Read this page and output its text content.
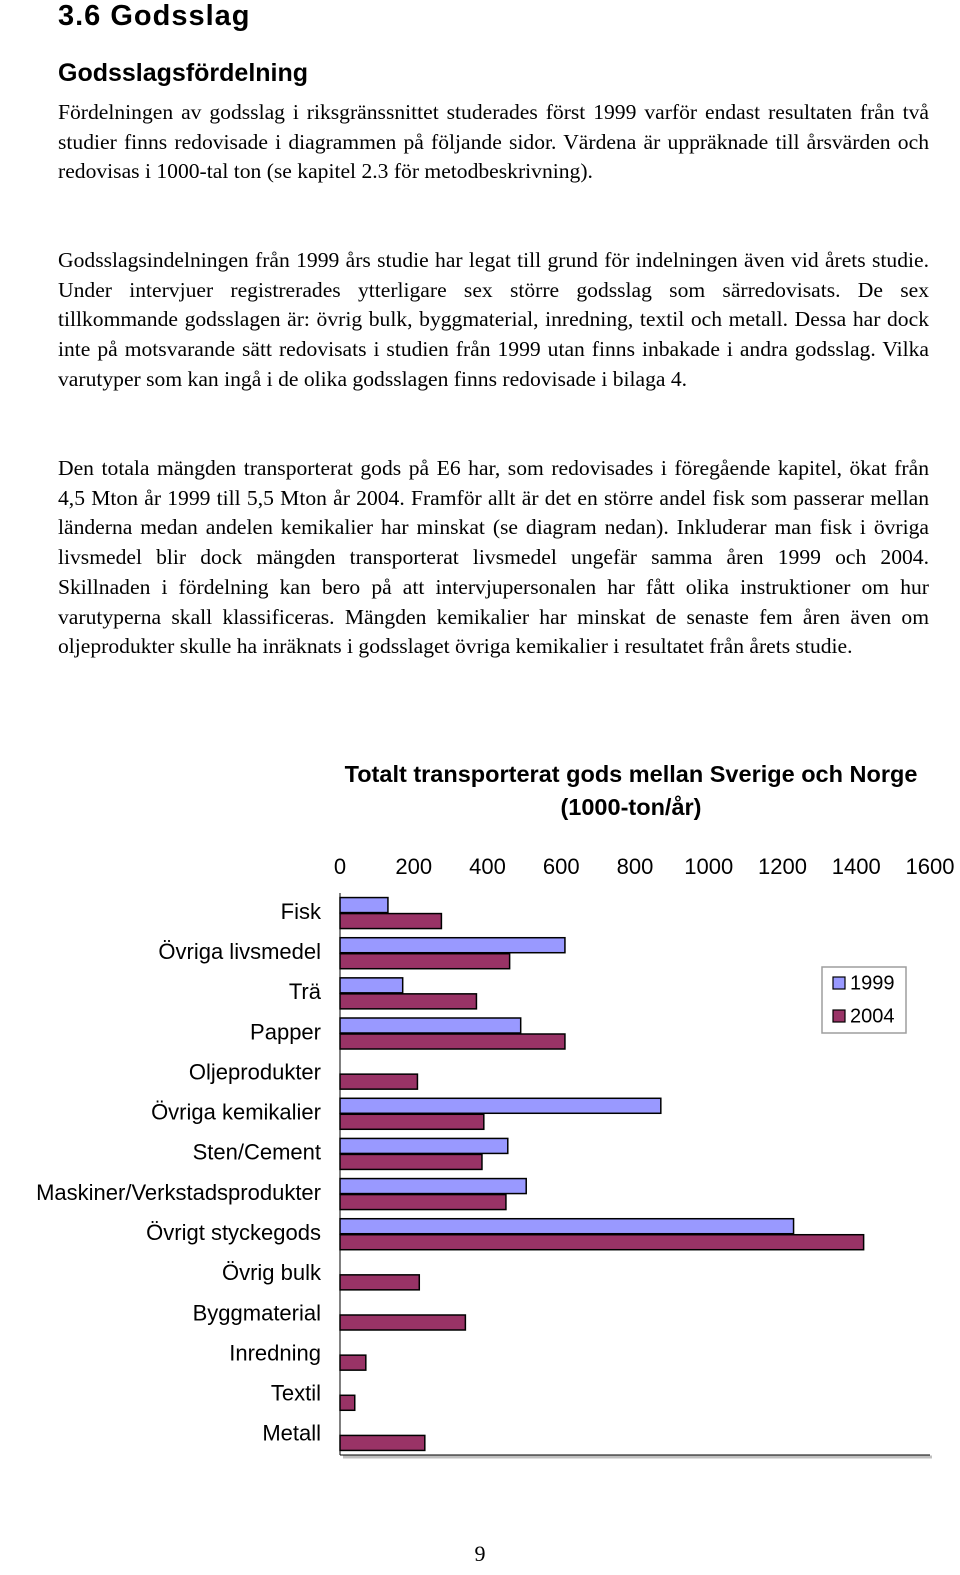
3.6 Godsslag
Godsslagsfördelning

Fördelningen av godsslag i riksgränssnittet studerades först 1999 varför endast resultaten från två studier finns redovisade i diagrammen på följande sidor. Värdena är uppräknade till årsvärden och redovisas i 1000-tal ton (se kapitel 2.3 för metodbeskrivning).

Godsslagsindelningen från 1999 års studie har legat till grund för indelningen även vid årets studie. Under intervjuer registrerades ytterligare sex större godsslag som särredovisats. De sex tillkommande godsslagen är: övrig bulk, byggmaterial, inredning, textil och metall. Dessa har dock inte på motsvarande sätt redovisats i studien från 1999 utan finns inbakade i andra godsslag. Vilka varutyper som kan ingå i de olika godsslagen finns redovisade i bilaga 4.

Den totala mängden transporterat gods på E6 har, som redovisades i föregående kapitel, ökat från 4,5 Mton år 1999 till 5,5 Mton år 2004. Framför allt är det en större andel fisk som passerar mellan länderna medan andelen kemikalier har minskat (se diagram nedan). Inkluderar man fisk i övriga livsmedel blir dock mängden transporterat livsmedel ungefär samma åren 1999 och 2004. Skillnaden i fördelning kan bero på att intervjupersonalen har fått olika instruktioner om hur varutyperna skall klassificeras. Mängden kemikalier har minskat de senaste fem åren även om oljeprodukter skulle ha inräknats i godsslaget övriga kemikalier i resultatet från årets studie.

Totalt transporterat gods mellan Sverige och Norge
(1000-ton/år)
0 200 400 600 800 1000 1200 1400 1600
Fisk
Övriga livsmedel
Trä
Papper
Oljeprodukter
Övriga kemikalier
Sten/Cement
Maskiner/Verkstadsprodukter
Övrigt styckegods
Övrig bulk
Byggmaterial
Inredning
Textil
Metall
1999
2004
9
